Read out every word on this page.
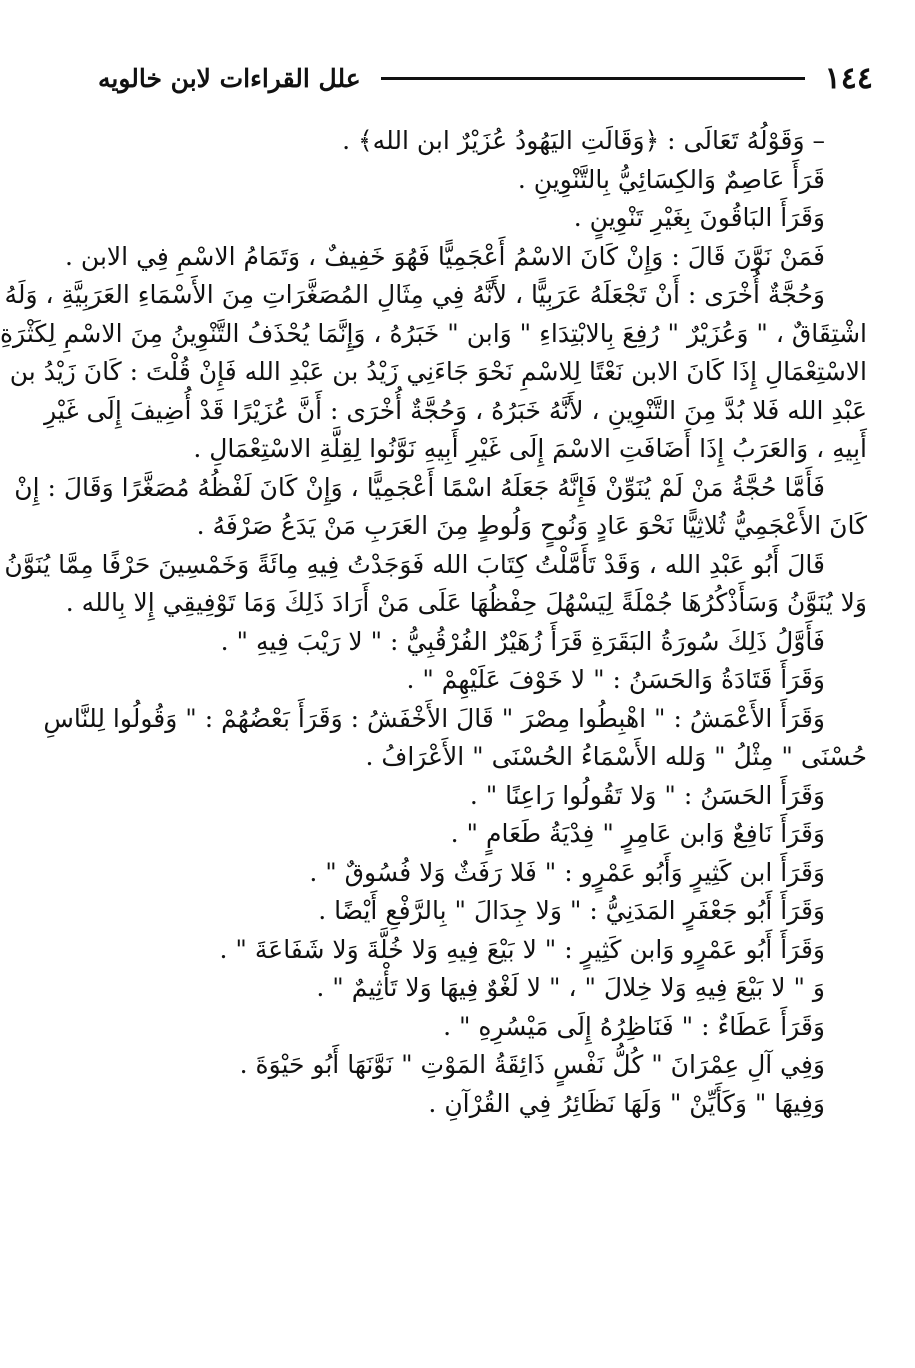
١٤٤
علل القراءات لابن خالويه

– وَقَوْلُهُ تَعَالَى : ﴿وَقَالَتِ اليَهُودُ عُزَيْرٌ ابن الله﴾ .

قَرَأَ عَاصِمٌ وَالكِسَائِيُّ بِالتَّنْوِينِ .

وَقَرَأَ البَاقُونَ بِغَيْرِ تَنْوِينٍ .

فَمَنْ نَوَّنَ قَالَ : وَإِنْ كَانَ الاسْمُ أَعْجَمِيًّا فَهُوَ خَفِيفٌ ، وَتَمَامُ الاسْمِ فِي الابن .

وَحُجَّةٌ أُخْرَى : أَنْ تَجْعَلَهُ عَرَبِيًّا ، لأَنَّهُ فِي مِثَالِ المُصَغَّرَاتِ مِنَ الأَسْمَاءِ العَرَبِيَّةِ ، وَلَهُ

اشْتِقَاقٌ ، " وَعُزَيْرٌ " رُفِعَ بِالابْتِدَاءِ " وَابن " خَبَرُهُ ، وَإِنَّمَا يُحْذَفُ التَّنْوِينُ مِنَ الاسْمِ لِكَثْرَةِ

الاسْتِعْمَالِ إِذَا كَانَ الابن نَعْتًا لِلاسْمِ نَحْوَ جَاءَنِي زَيْدُ بن عَبْدِ الله فَإِنْ قُلْتَ : كَانَ زَيْدُ بن

عَبْدِ الله فَلا بُدَّ مِنَ التَّنْوِينِ ، لأَنَّهُ خَبَرُهُ ، وَحُجَّةٌ أُخْرَى : أَنَّ عُزَيْرًا قَدْ أُضِيفَ إِلَى غَيْرِ

أَبِيهِ ، وَالعَرَبُ إِذَا أَضَافَتِ الاسْمَ إِلَى غَيْرِ أَبِيهِ نَوَّنُوا لِقِلَّةِ الاسْتِعْمَالِ .

فَأَمَّا حُجَّةُ مَنْ لَمْ يُنَوِّنْ فَإِنَّهُ جَعَلَهُ اسْمًا أَعْجَمِيًّا ، وَإِنْ كَانَ لَفْظُهُ مُصَغَّرًا وَقَالَ : إِنْ

كَانَ الأَعْجَمِيُّ ثُلاثِيًّا نَحْوَ عَادٍ وَنُوحٍ وَلُوطٍ مِنَ العَرَبِ مَنْ يَدَعُ صَرْفَهُ .

قَالَ أَبُو عَبْدِ الله ، وَقَدْ تَأَمَّلْتُ كِتَابَ الله فَوَجَدْتُ فِيهِ مِائَةً وَخَمْسِينَ حَرْفًا مِمَّا يُنَوَّنُ

وَلا يُنَوَّنُ وَسَأَذْكُرُهَا جُمْلَةً لِيَسْهُلَ حِفْظُهَا عَلَى مَنْ أَرَادَ ذَلِكَ وَمَا تَوْفِيقِي إِلا بِالله .

فَأَوَّلُ ذَلِكَ سُورَةُ البَقَرَةِ قَرَأَ زُهَيْرٌ الفُرْقُبِيُّ : " لا رَيْبَ فِيهِ " .

وَقَرَأَ قَتَادَةُ وَالحَسَنُ : " لا خَوْفَ عَلَيْهِمْ " .

وَقَرَأَ الأَعْمَشُ : " اهْبِطُوا مِصْرَ " قَالَ الأَخْفَشُ : وَقَرَأَ بَعْضُهُمْ : " وَقُولُوا لِلنَّاسِ

حُسْنَى " مِثْلُ " وَلله الأَسْمَاءُ الحُسْنَى " الأَعْرَافُ .

وَقَرَأَ الحَسَنُ : " وَلا تَقُولُوا رَاعِنًا " .

وَقَرَأَ نَافِعٌ وَابن عَامِرٍ " فِدْيَةُ طَعَامٍ " .

وَقَرَأَ ابن كَثِيرٍ وَأَبُو عَمْرٍو : " فَلا رَفَثٌ وَلا فُسُوقٌ " .

وَقَرَأَ أَبُو جَعْفَرٍ المَدَنِيُّ : " وَلا جِدَالَ " بِالرَّفْعِ أَيْضًا .

وَقَرَأَ أَبُو عَمْرٍو وَابن كَثِيرٍ : " لا بَيْعَ فِيهِ وَلا خُلَّةَ وَلا شَفَاعَةَ " .

وَ " لا بَيْعَ فِيهِ وَلا خِلالَ " ، " لا لَغْوٌ فِيهَا وَلا تَأْثِيمٌ " .

وَقَرَأَ عَطَاءٌ : " فَنَاظِرُهُ إِلَى مَيْسُرِهِ " .

وَفِي آلِ عِمْرَانَ " كُلُّ نَفْسٍ ذَائِقَةُ المَوْتِ " نَوَّنَهَا أَبُو حَيْوَةَ .

وَفِيهَا " وَكَأَيِّنْ " وَلَهَا نَظَائِرُ فِي القُرْآنِ .
